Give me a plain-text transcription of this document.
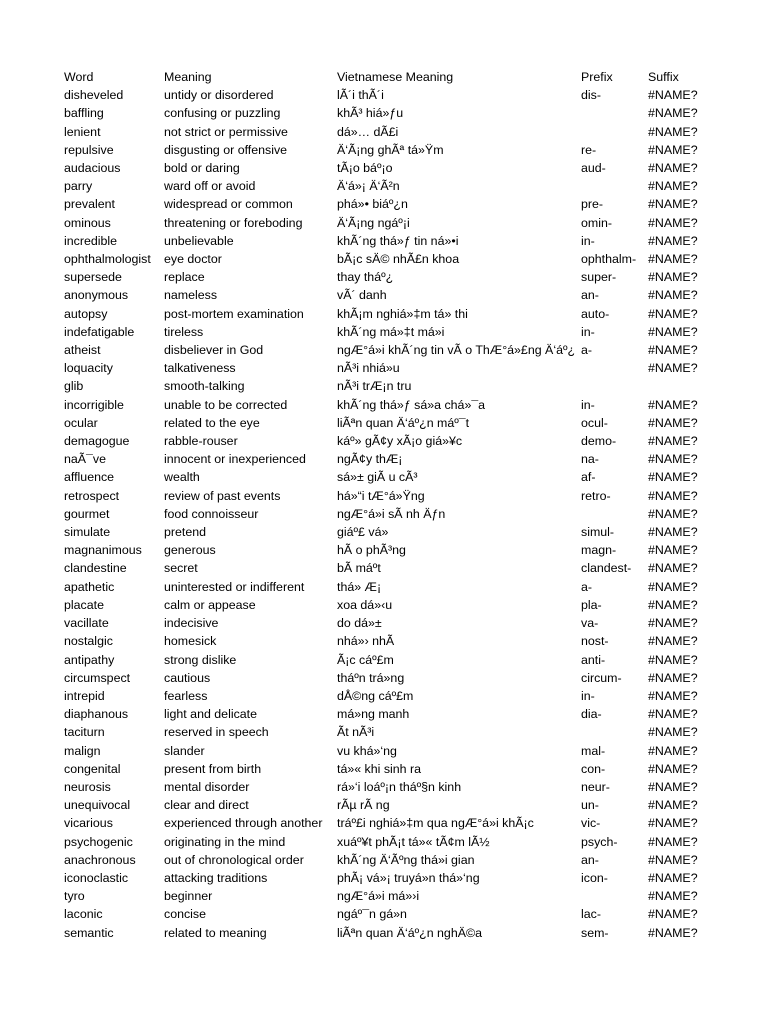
Word	Meaning	Vietnamese Meaning	Prefix	Suffix
disheveled	untidy or disordered	lÃ´i thÃ´i	dis-	#NAME?
baffling	confusing or puzzling	khÃ³ hiá»ƒu		#NAME?
lenient	not strict or permissive	dá»… dÃ£i		#NAME?
repulsive	disgusting or offensive	Ä‘Ã¡ng ghÃª tá»Ÿm	re-	#NAME?
audacious	bold or daring	tÃ¡o báº¡o	aud-	#NAME?
parry	ward off or avoid	Ä‘á»¡ Ä‘Ã²n		#NAME?
prevalent	widespread or common	phá»• biáº¿n	pre-	#NAME?
ominous	threatening or foreboding	Ä‘Ã¡ng ngáº¡i	omin-	#NAME?
incredible	unbelievable	khÃ´ng thá»ƒ tin ná»•i	in-	#NAME?
ophthalmologist	eye doctor	bÃ¡c sÄ© nhÃ£n khoa	ophthalm-	#NAME?
supersede	replace	thay tháº¿	super-	#NAME?
anonymous	nameless	vÃ´ danh	an-	#NAME?
autopsy	post-mortem examination	khÃ¡m nghiá»‡m tá» thi	auto-	#NAME?
indefatigable	tireless	khÃ´ng má»‡t má»i	in-	#NAME?
atheist	disbeliever in God	ngÆ°á»i khÃ´ng tin vÃ o ThÆ°á»£ng Ä‘áº¿	a-	#NAME?
loquacity	talkativeness	nÃ³i nhiá»u		#NAME?
glib	smooth-talking	nÃ³i trÆ¡n tru		
incorrigible	unable to be corrected	khÃ´ng thá»ƒ sá»a chá»¯a	in-	#NAME?
ocular	related to the eye	liÃªn quan Ä‘áº¿n máº¯t	ocul-	#NAME?
demagogue	rabble-rouser	káº» gÃ¢y xÃ¡o giá»¥c	demo-	#NAME?
naÃ¯ve	innocent or inexperienced	ngÃ¢y thÆ¡	na-	#NAME?
affluence	wealth	sá»± giÃ u cÃ³	af-	#NAME?
retrospect	review of past events	há»“i tÆ°á»Ÿng	retro-	#NAME?
gourmet	food connoisseur	ngÆ°á»i sÃ nh Äƒn		#NAME?
simulate	pretend	giáº£ vá»	simul-	#NAME?
magnanimous	generous	hÃ o phÃ³ng	magn-	#NAME?
clandestine	secret	bÃ máºt	clandest-	#NAME?
apathetic	uninterested or indifferent	thá» Æ¡	a-	#NAME?
placate	calm or appease	xoa dá»‹u	pla-	#NAME?
vacillate	indecisive	do dá»±	va-	#NAME?
nostalgic	homesick	nhá»› nhÃ	nost-	#NAME?
antipathy	strong dislike	Ã¡c cáº£m	anti-	#NAME?
circumspect	cautious	tháºn trá»ng	circum-	#NAME?
intrepid	fearless	dÅ©ng cáº£m	in-	#NAME?
diaphanous	light and delicate	má»ng manh	dia-	#NAME?
taciturn	reserved in speech	Ãt nÃ³i		#NAME?
malign	slander	vu khá»‘ng	mal-	#NAME?
congenital	present from birth	tá»« khi sinh ra	con-	#NAME?
neurosis	mental disorder	rá»‘i loáº¡n tháº§n kinh	neur-	#NAME?
unequivocal	clear and direct	rÃµ rÃ ng	un-	#NAME?
vicarious	experienced through another	tráº£i nghiá»‡m qua ngÆ°á»i khÃ¡c	vic-	#NAME?
psychogenic	originating in the mind	xuáº¥t phÃ¡t tá»« tÃ¢m lÃ½	psych-	#NAME?
anachronous	out of chronological order	khÃ´ng Ä‘Ãºng thá»i gian	an-	#NAME?
iconoclastic	attacking traditions	phÃ¡ vá»¡ truyá»n thá»‘ng	icon-	#NAME?
tyro	beginner	ngÆ°á»i má»›i		#NAME?
laconic	concise	ngáº¯n gá»n	lac-	#NAME?
semantic	related to meaning	liÃªn quan Ä‘áº¿n nghÄ©a	sem-	#NAME?
